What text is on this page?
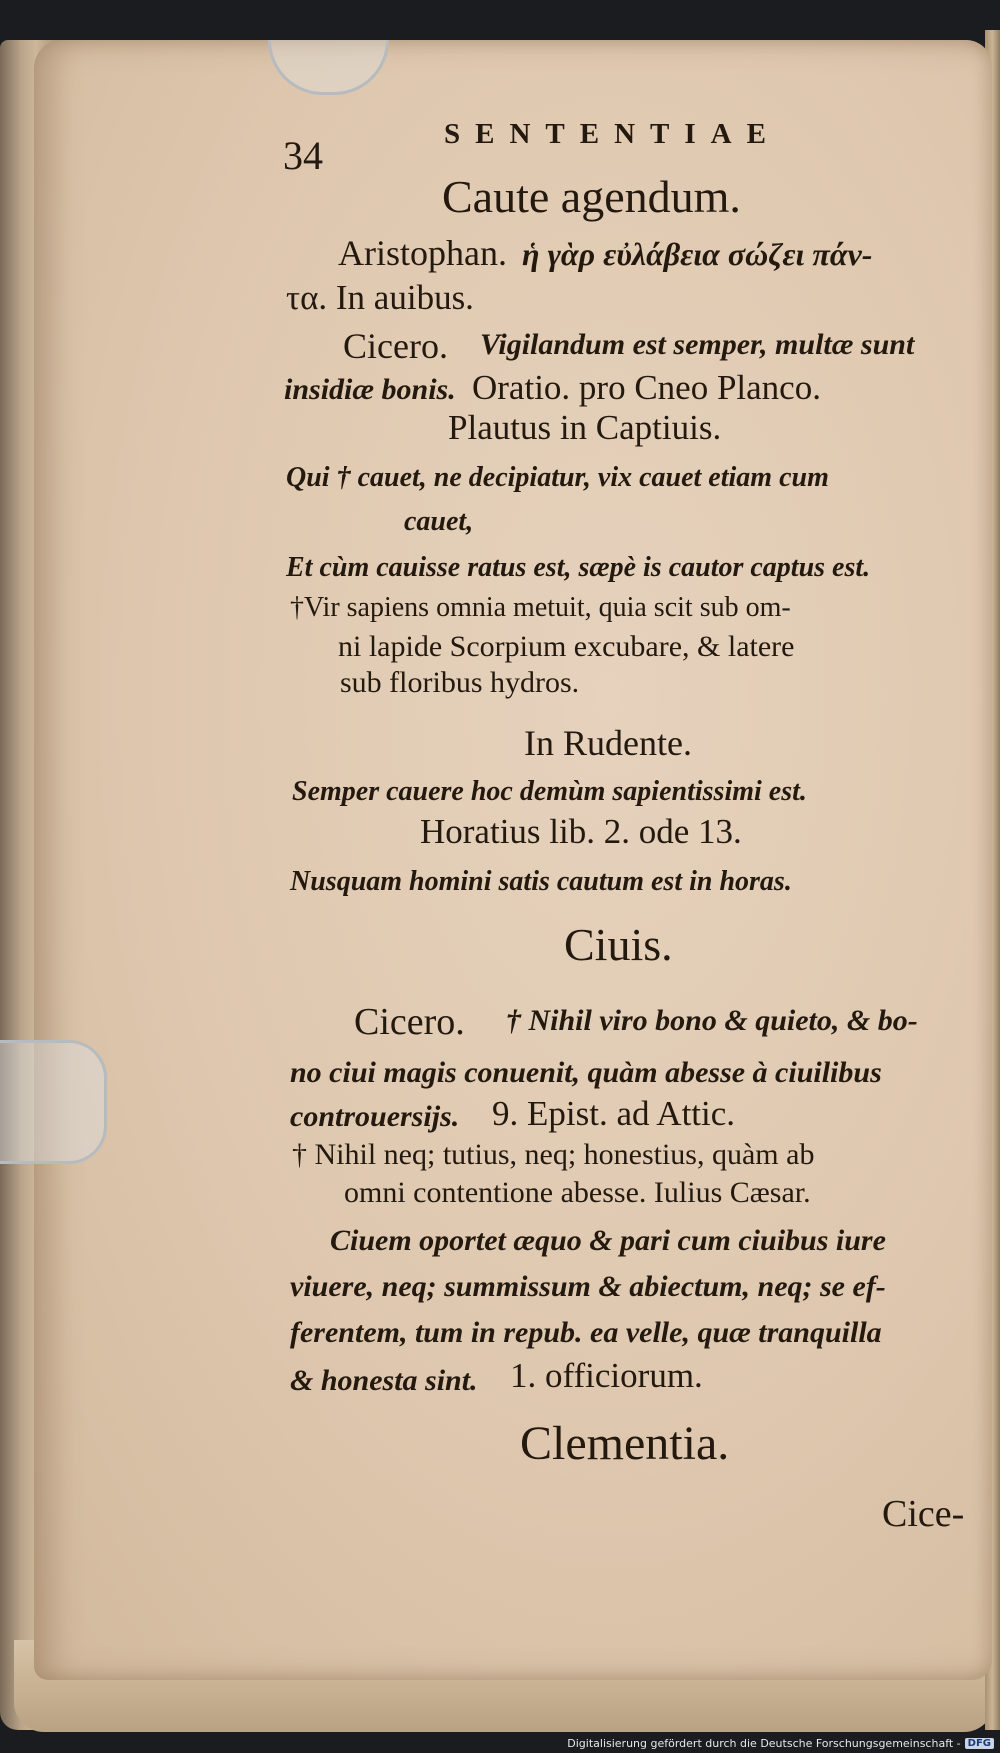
34	SENTENTIAE
Caute agendum.
Aristophan. ἡ γὰρ εὐλάβεια σώζει πάν-
τα. In auibus.
Cicero. Vigilandum est semper, multæ sunt
insidiæ bonis. Oratio. pro Cneo Planco.
Plautus in Captiuis.
Qui † cauet, ne decipiatur, vix cauet etiam cum
cauet,
Et cùm cauisse ratus est, sæpè is cautor captus est.
†Vir sapiens omnia metuit, quia scit sub om-
ni lapide Scorpium excubare, & latere
sub floribus hydros.
In Rudente.
Semper cauere hoc demùm sapientissimi est.
Horatius lib. 2. ode 13.
Nusquam homini satis cautum est in horas.
Ciuis.
Cicero. † Nihil viro bono & quieto, & bo-
no ciui magis conuenit, quàm abesse à ciuilibus
controuersijs. 9. Epist. ad Attic.
† Nihil neq; tutius, neq; honestius, quàm ab
omni contentione abesse. Iulius Cæsar.
Ciuem oportet æquo & pari cum ciuibus iure
viuere, neq; summissum & abiectum, neq; se ef-
ferentem, tum in repub. ea velle, quæ tranquilla
& honesta sint. 1. officiorum.
Clementia.
Cice-
Digitalisierung gefördert durch die Deutsche Forschungsgemeinschaft - DFG
